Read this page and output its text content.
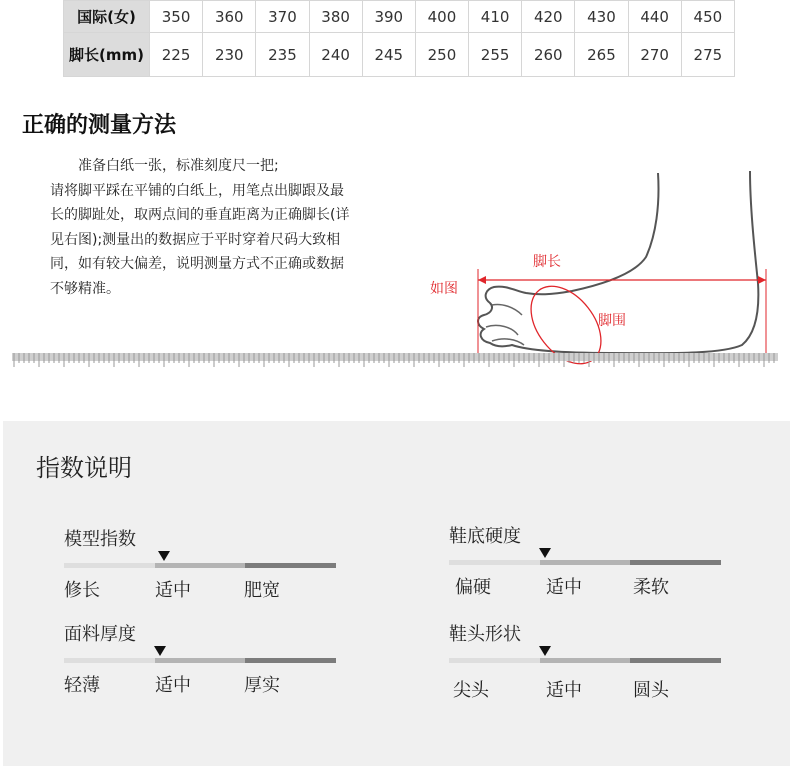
国际(女)	350	360	370	380	390	400	410	420	430	440	450
脚长(mm)	225	230	235	240	245	250	255	260	265	270	275
正确的测量方法
准备白纸一张，标准刻度尺一把;
请将脚平踩在平铺的白纸上，用笔点出脚跟及最长的脚趾处，取两点间的垂直距离为正确脚长(详见右图);测量出的数据应于平时穿着尺码大致相同，如有较大偏差，说明测量方式不正确或数据不够精准。
脚长
如图
脚围
指数说明
模型指数
修长	适中	肥宽
鞋底硬度
偏硬	适中	柔软
面料厚度
轻薄	适中	厚实
鞋头形状
尖头	适中	圆头
